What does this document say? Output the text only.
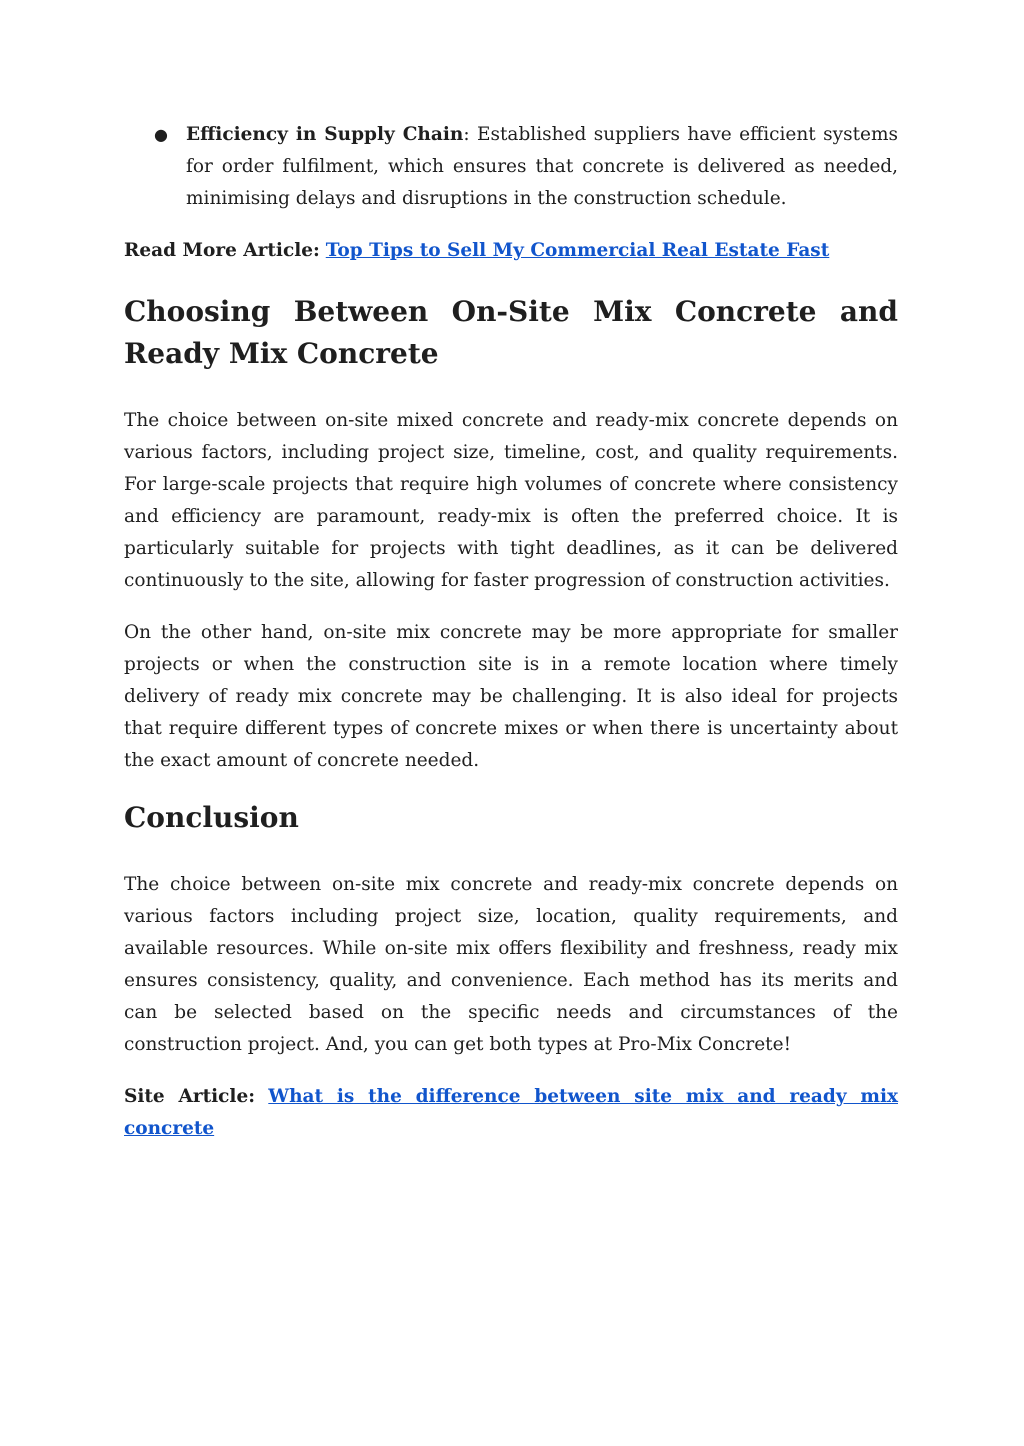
● Efficiency in Supply Chain: Established suppliers have efficient systems for order fulfilment, which ensures that concrete is delivered as needed, minimising delays and disruptions in the construction schedule.

Read More Article: Top Tips to Sell My Commercial Real Estate Fast

Choosing Between On-Site Mix Concrete and Ready Mix Concrete

The choice between on-site mixed concrete and ready-mix concrete depends on various factors, including project size, timeline, cost, and quality requirements. For large-scale projects that require high volumes of concrete where consistency and efficiency are paramount, ready-mix is often the preferred choice. It is particularly suitable for projects with tight deadlines, as it can be delivered continuously to the site, allowing for faster progression of construction activities.

On the other hand, on-site mix concrete may be more appropriate for smaller projects or when the construction site is in a remote location where timely delivery of ready mix concrete may be challenging. It is also ideal for projects that require different types of concrete mixes or when there is uncertainty about the exact amount of concrete needed.

Conclusion

The choice between on-site mix concrete and ready-mix concrete depends on various factors including project size, location, quality requirements, and available resources. While on-site mix offers flexibility and freshness, ready mix ensures consistency, quality, and convenience. Each method has its merits and can be selected based on the specific needs and circumstances of the construction project. And, you can get both types at Pro-Mix Concrete!

Site Article: What is the difference between site mix and ready mix concrete
